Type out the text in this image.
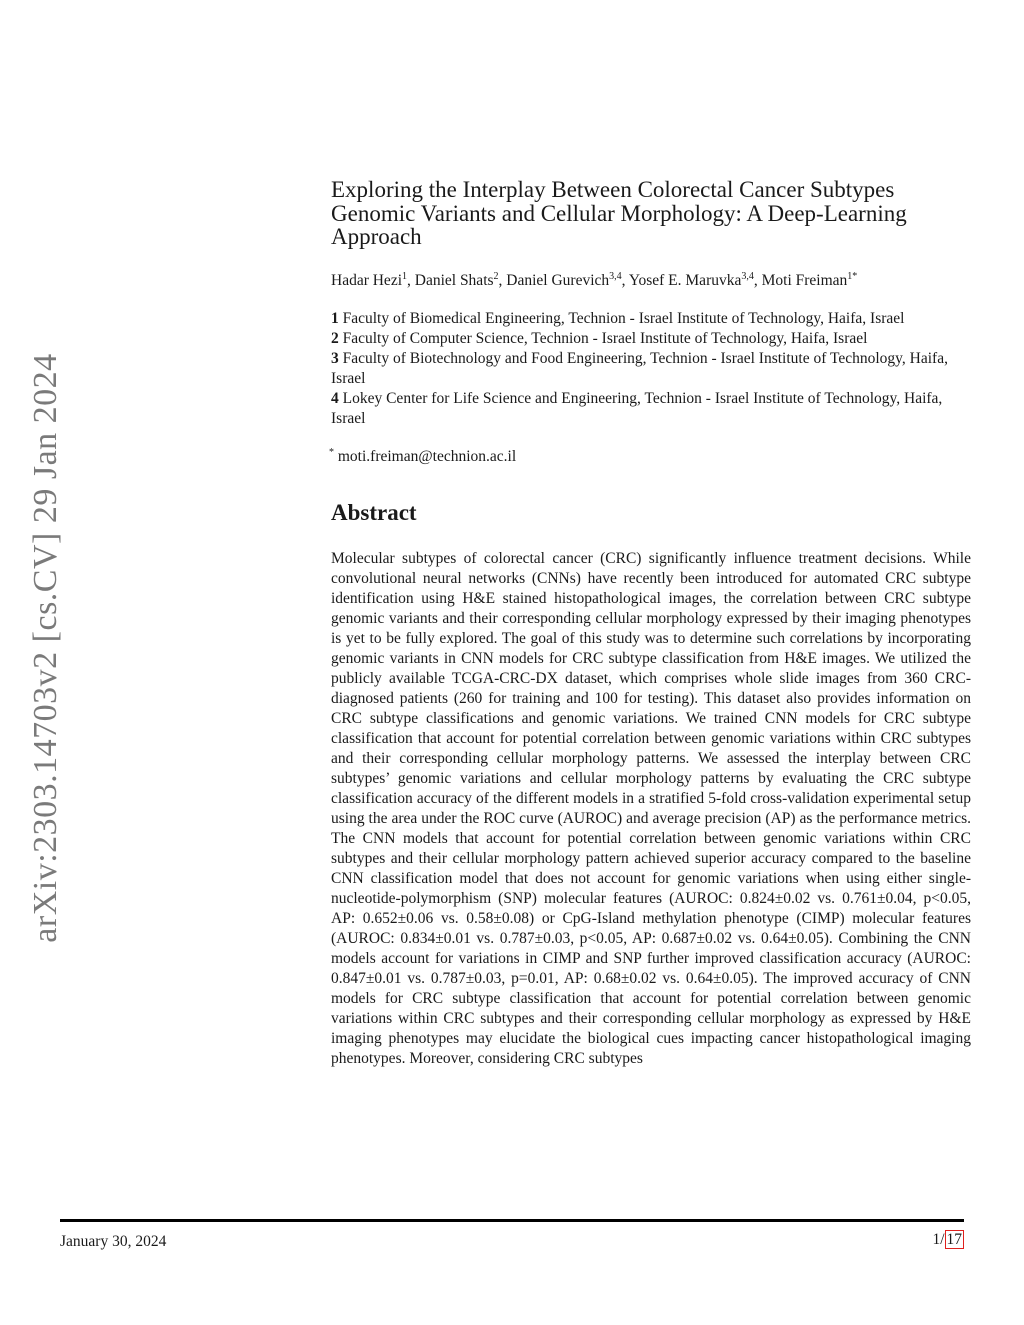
arXiv:2303.14703v2 [cs.CV] 29 Jan 2024
Exploring the Interplay Between Colorectal Cancer Subtypes
Genomic Variants and Cellular Morphology: A Deep-Learning
Approach
Hadar Hezi$^1$, Daniel Shats$^2$, Daniel Gurevich$^{3,4}$, Yosef E. Maruvka$^{3,4}$, Moti Freiman$^{1*}$
1 Faculty of Biomedical Engineering, Technion - Israel Institute of Technology, Haifa, Israel
2 Faculty of Computer Science, Technion - Israel Institute of Technology, Haifa, Israel
3 Faculty of Biotechnology and Food Engineering, Technion - Israel Institute of Technology, Haifa, Israel
4 Lokey Center for Life Science and Engineering, Technion - Israel Institute of Technology, Haifa, Israel
* moti.freiman@technion.ac.il
Abstract
Molecular subtypes of colorectal cancer (CRC) significantly influence treatment decisions. While convolutional neural networks (CNNs) have recently been introduced for automated CRC subtype identification using H&E stained histopathological images, the correlation between CRC subtype genomic variants and their corresponding cellular morphology expressed by their imaging phenotypes is yet to be fully explored. The goal of this study was to determine such correlations by incorporating genomic variants in CNN models for CRC subtype classification from H&E images. We utilized the publicly available TCGA-CRC-DX dataset, which comprises whole slide images from 360 CRC-diagnosed patients (260 for training and 100 for testing). This dataset also provides information on CRC subtype classifications and genomic variations. We trained CNN models for CRC subtype classification that account for potential correlation between genomic variations within CRC subtypes and their corresponding cellular morphology patterns. We assessed the interplay between CRC subtypes’ genomic variations and cellular morphology patterns by evaluating the CRC subtype classification accuracy of the different models in a stratified 5-fold cross-validation experimental setup using the area under the ROC curve (AUROC) and average precision (AP) as the performance metrics. The CNN models that account for potential correlation between genomic variations within CRC subtypes and their cellular morphology pattern achieved superior accuracy compared to the baseline CNN classification model that does not account for genomic variations when using either single-nucleotide-polymorphism (SNP) molecular features (AUROC: 0.824±0.02 vs. 0.761±0.04, p<0.05, AP: 0.652±0.06 vs. 0.58±0.08) or CpG-Island methylation phenotype (CIMP) molecular features (AUROC: 0.834±0.01 vs. 0.787±0.03, p<0.05, AP: 0.687±0.02 vs. 0.64±0.05). Combining the CNN models account for variations in CIMP and SNP further improved classification accuracy (AUROC: 0.847±0.01 vs. 0.787±0.03, p=0.01, AP: 0.68±0.02 vs. 0.64±0.05). The improved accuracy of CNN models for CRC subtype classification that account for potential correlation between genomic variations within CRC subtypes and their corresponding cellular morphology as expressed by H&E imaging phenotypes may elucidate the biological cues impacting cancer histopathological imaging phenotypes. Moreover, considering CRC subtypes
January 30, 2024	1/ 17
